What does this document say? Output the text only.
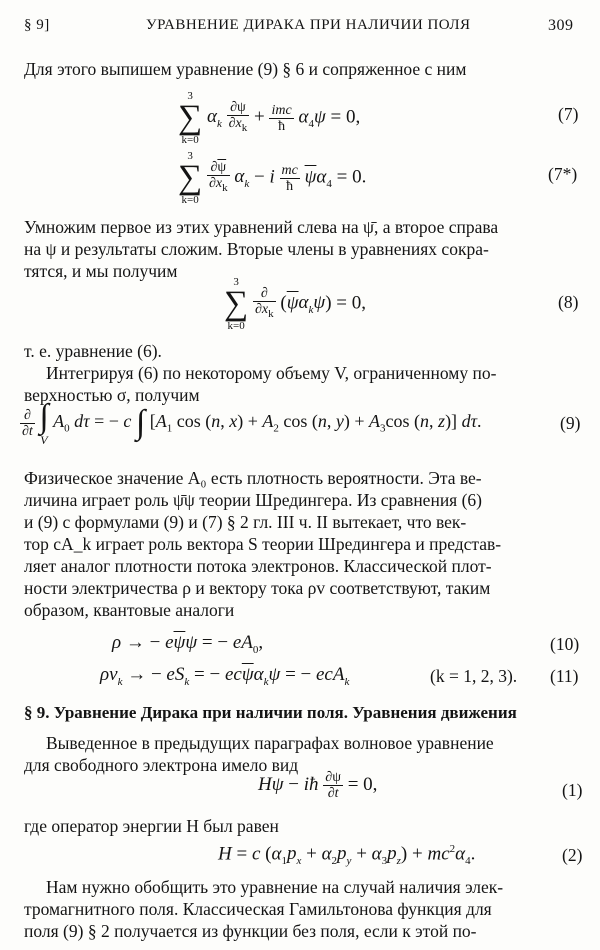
§ 9]	УРАВНЕНИЕ ДИРАКА ПРИ НАЛИЧИИ ПОЛЯ	309
Для этого выпишем уравнение (9) § 6 и сопряженное с ним
3
∑
k=0
$\alpha_k \frac{\partial\psi}{\partial x_k} + \frac{\text{imc}}{ħ} \alpha_4\psi = 0$,	(7)
3
∑
k=0

$\frac{\partial\overline{\psi}}{\partial x_k} \alpha_k - i \frac{mc}{ħ} \overline{\psi}\alpha_4 = 0$.	(7*)
Умножим первое из этих уравнений слева на ψ̄, а второе справа
на ψ и результаты сложим. Вторые члены в уравнениях сокра-
тятся, и мы получим
3
∑
k=0

$\frac{\partial}{\partial x_k} (\overline{\psi}\alpha_k\psi) = 0$,	(8)
т. е. уравнение (6).
Интегрируя (6) по некоторому объему V, ограниченному по-
верхностью σ, получим
$\frac{\partial}{\partial t}$
∫
V
$A_0$ dτ = − c ∫ [$A_1$ cos (n, $x) + A_2$ cos (n, $y) + A_3\cos$ (n, z)] dτ.	(9)
Физическое значение A₀ есть плотность вероятности. Эта ве-
личина играет роль ψ̄ψ теории Шредингера. Из сравнения (6)
и (9) с формулами (9) и (7) § 2 гл. III ч. II вытекает, что век-
тор cA_k играет роль вектора S теории Шредингера и представ-
ляет аналог плотности потока электронов. Классической плот-
ности электричества ρ и вектору тока ρv соответствуют, таким
образом, квантовые аналоги
ρ → − $e\overline{\psi}\psi$ = − $eA_0$,	(10)
$\rho v_k$ → − $eS_k$ = − $ec\overline{\psi}\alpha_k\psi$ = − ecA$_k$	(k = 1, 2, 3). (11)
§ 9. Уравнение Дирака при наличии поля. Уравнения движения
Выведенное в предыдущих параграфах волновое уравнение
для свободного электрона имело вид
Hψ − iħ $\frac{\partial\psi}{\partial t} = 0$,	(1)
где оператор энергии H был равен
H = c $(\alpha_1p_x + \alpha_2p_y + \alpha_3p_z) + mc^2\alpha_4$.	(2)
Нам нужно обобщить это уравнение на случай наличия элек-
тромагнитного поля. Классическая Гамильтонова функция для
поля (9) § 2 получается из функции без поля, если к этой по-
